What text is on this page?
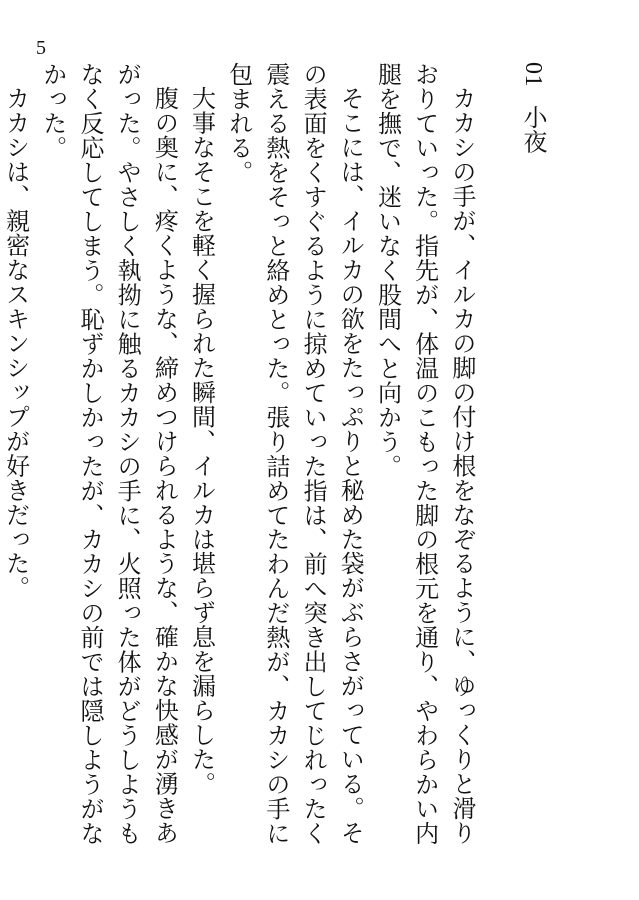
5
01小夜

カカシの手が、イルカの脚の付け根をなぞるように、ゆっくりと滑りおりていった。指先が、体温のこもった脚の根元を通り、やわらかい内腿を撫で、迷いなく股間へと向かう。

そこには、イルカの欲をたっぷりと秘めた袋がぶらさがっている。その表面をくすぐるように掠めていった指は、前へ突き出してじれったく震える熱をそっと絡めとった。張り詰めてたわんだ熱が、カカシの手に包まれる。

大事なそこを軽く握られた瞬間、イルカは堪らず息を漏らした。

腹の奥に、疼くような、締めつけられるような、確かな快感が湧きあがった。やさしく執拗に触るカカシの手に、火照った体がどうしようもなく反応してしまう。恥ずかしかったが、カカシの前では隠しようがなかった。

カカシは、親密なスキンシップが好きだった。
